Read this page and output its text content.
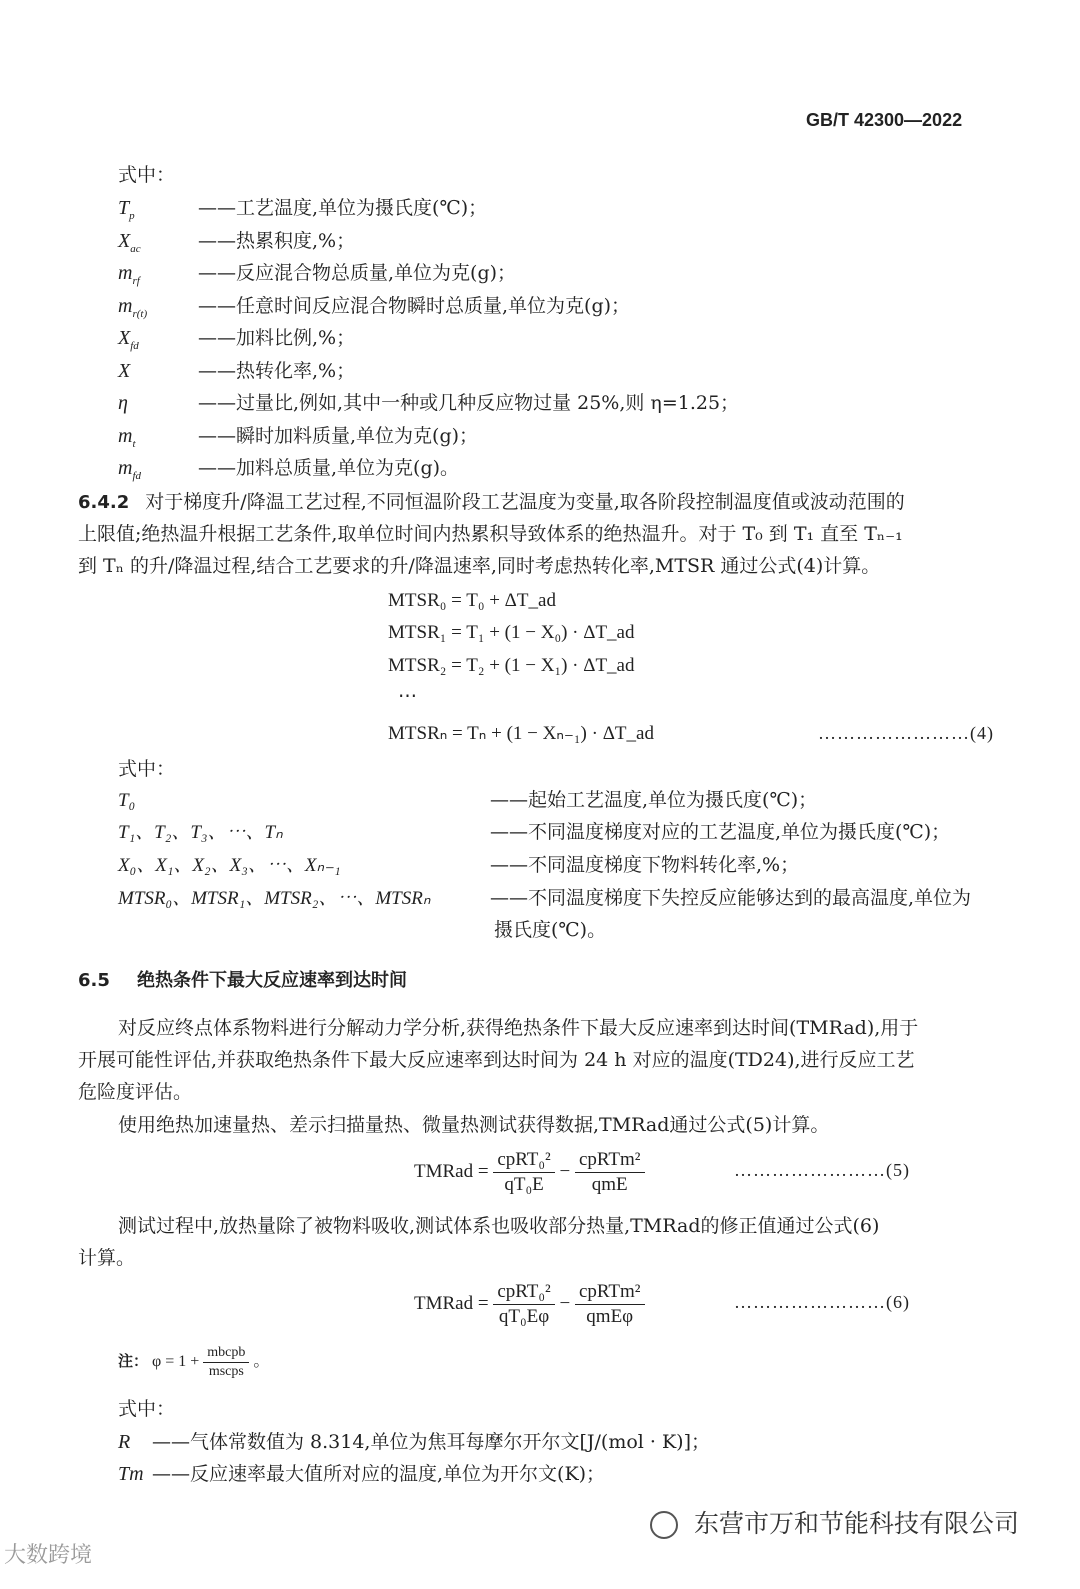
GB/T 42300—2022
式中：
$T_p$	——工艺温度,单位为摄氏度(℃)；
$X_{ac}$	——热累积度,%；
$m_{rf}$	——反应混合物总质量,单位为克(g)；
$m_{r(t)}$	——任意时间反应混合物瞬时总质量,单位为克(g)；
$X_{fd}$	——加料比例,%；
X	——热转化率,%；
η	——过量比,例如,其中一种或几种反应物过量 25%,则 η=1.25；
$m_t$	——瞬时加料质量,单位为克(g)；
$m_{fd}$	——加料总质量,单位为克(g)。
6.4.2 对于梯度升/降温工艺过程,不同恒温阶段工艺温度为变量,取各阶段控制温度值或波动范围的
上限值;绝热温升根据工艺条件,取单位时间内热累积导致体系的绝热温升。对于 T₀ 到 T₁ 直至 Tₙ₋₁
到 Tₙ 的升/降温过程,结合工艺要求的升/降温速率,同时考虑热转化率,MTSR 通过公式(4)计算。
MTSR₀ = T₀ + ΔT_ad
MTSR₁ = T₁ + (1 − X₀) · ΔT_ad
MTSR₂ = T₂ + (1 − X₁) · ΔT_ad
⋯
MTSRₙ = Tₙ + (1 − Xₙ₋₁) · ΔT_ad	……………………(4)
式中：
T₀	——起始工艺温度,单位为摄氏度(℃)；
T₁、T₂、T₃、⋯、Tₙ	——不同温度梯度对应的工艺温度,单位为摄氏度(℃)；
X₀、X₁、X₂、X₃、⋯、Xₙ₋₁	——不同温度梯度下物料转化率,%；
MTSR₀、MTSR₁、MTSR₂、⋯、MTSRₙ	——不同温度梯度下失控反应能够达到的最高温度,单位为
摄氏度(℃)。
6.5 绝热条件下最大反应速率到达时间
对反应终点体系物料进行分解动力学分析,获得绝热条件下最大反应速率到达时间(TMRad),用于
开展可能性评估,并获取绝热条件下最大反应速率到达时间为 24 h 对应的温度(TD24),进行反应工艺
危险度评估。
使用绝热加速量热、差示扫描量热、微量热测试获得数据,TMRad通过公式(5)计算。
TMRad = $\frac{\text{cpRT₀²}}{\text{qT₀E}} - \frac{\text{cpRTm²}}{\text{qmE}}$	……………………(5)
测试过程中,放热量除了被物料吸收,测试体系也吸收部分热量,TMRad的修正值通过公式(6)
计算。
TMRad = $\frac{\text{cpRT₀²}}{\text{qT₀Eφ}} - \frac{\text{cpRTm²}}{\text{qmEφ}}$	……………………(6)
注： $\varphi = 1 + \frac{\text{mbcpb}}{\text{mscps}}$ 。
式中：
R ——气体常数值为 8.314,单位为焦耳每摩尔开尔文[J/(mol · K)]；
Tm ——反应速率最大值所对应的温度,单位为开尔文(K)；
大数跨境
东营市万和节能科技有限公司
